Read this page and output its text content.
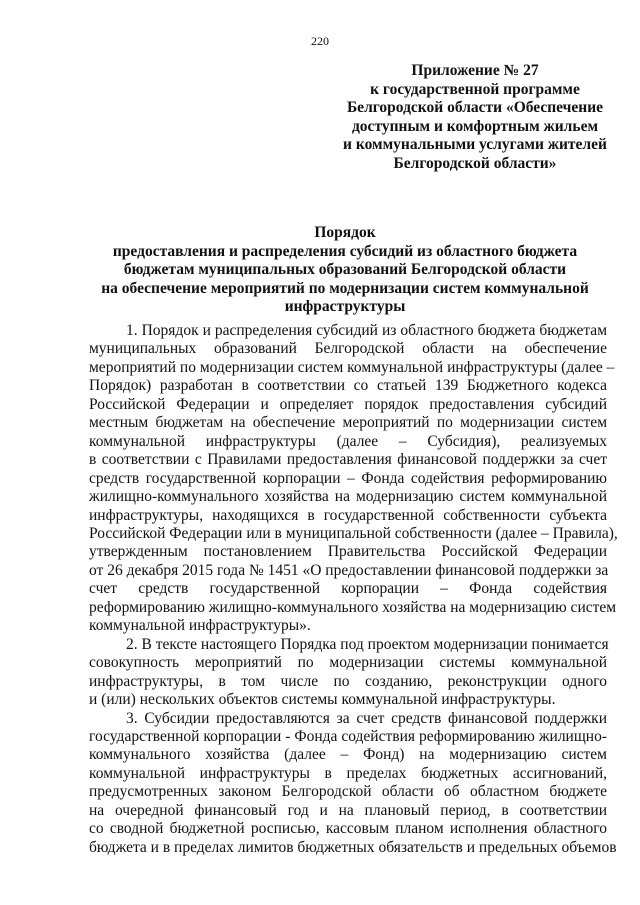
220
Приложение № 27
к государственной программе
Белгородской области «Обеспечение
доступным и комфортным жильем
и коммунальными услугами жителей
Белгородской области»
Порядок
предоставления и распределения субсидий из областного бюджета
бюджетам муниципальных образований Белгородской области
на обеспечение мероприятий по модернизации систем коммунальной
инфраструктуры
1. Порядок и распределения субсидий из областного бюджета бюджетам
муниципальных образований Белгородской области на обеспечение
мероприятий по модернизации систем коммунальной инфраструктуры (далее –
Порядок) разработан в соответствии со статьей 139 Бюджетного кодекса
Российской Федерации и определяет порядок предоставления субсидий
местным бюджетам на обеспечение мероприятий по модернизации систем
коммунальной инфраструктуры (далее – Субсидия), реализуемых
в соответствии с Правилами предоставления финансовой поддержки за счет
средств государственной корпорации – Фонда содействия реформированию
жилищно-коммунального хозяйства на модернизацию систем коммунальной
инфраструктуры, находящихся в государственной собственности субъекта
Российской Федерации или в муниципальной собственности (далее – Правила),
утвержденным постановлением Правительства Российской Федерации
от 26 декабря 2015 года № 1451 «О предоставлении финансовой поддержки за
счет средств государственной корпорации – Фонда содействия
реформированию жилищно-коммунального хозяйства на модернизацию систем
коммунальной инфраструктуры».
2. В тексте настоящего Порядка под проектом модернизации понимается
совокупность мероприятий по модернизации системы коммунальной
инфраструктуры, в том числе по созданию, реконструкции одного
и (или) нескольких объектов системы коммунальной инфраструктуры.
3. Субсидии предоставляются за счет средств финансовой поддержки
государственной корпорации - Фонда содействия реформированию жилищно-
коммунального хозяйства (далее – Фонд) на модернизацию систем
коммунальной инфраструктуры в пределах бюджетных ассигнований,
предусмотренных законом Белгородской области об областном бюджете
на очередной финансовый год и на плановый период, в соответствии
со сводной бюджетной росписью, кассовым планом исполнения областного
бюджета и в пределах лимитов бюджетных обязательств и предельных объемов
